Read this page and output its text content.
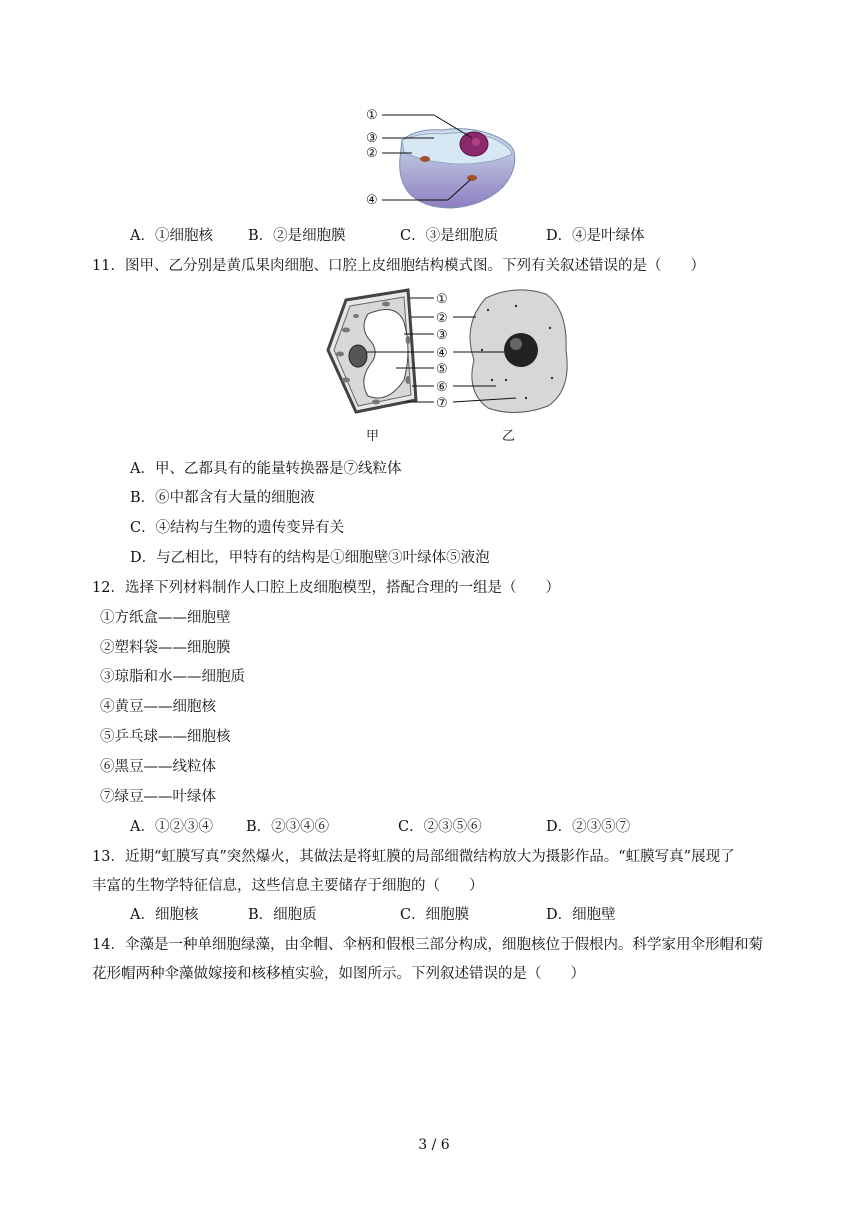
①
③
②
④
A．①细胞核 B．②是细胞膜	C．③是细胞质	D．④是叶绿体
11．图甲、乙分别是黄瓜果肉细胞、口腔上皮细胞结构模式图。下列有关叙述错误的是（　　）
①
②
③
④
⑤
⑥
⑦
甲	乙
A．甲、乙都具有的能量转换器是⑦线粒体
B．⑥中都含有大量的细胞液
C．④结构与生物的遗传变异有关
D．与乙相比，甲特有的结构是①细胞壁③叶绿体⑤液泡
12．选择下列材料制作人口腔上皮细胞模型，搭配合理的一组是（　　）
①方纸盒——细胞壁
②塑料袋——细胞膜
③琼脂和水——细胞质
④黄豆——细胞核
⑤乒乓球——细胞核
⑥黑豆——线粒体
⑦绿豆——叶绿体
A．①②③④ B．②③④⑥	C．②③⑤⑥	D．②③⑤⑦
13．近期“虹膜写真”突然爆火，其做法是将虹膜的局部细微结构放大为摄影作品。“虹膜写真”展现了
丰富的生物学特征信息，这些信息主要储存于细胞的（　　）
A．细胞核	B．细胞质	C．细胞膜	D．细胞壁
14．伞藻是一种单细胞绿藻，由伞帽、伞柄和假根三部分构成，细胞核位于假根内。科学家用伞形帽和菊
花形帽两种伞藻做嫁接和核移植实验，如图所示。下列叙述错误的是（　　）
3 / 6
